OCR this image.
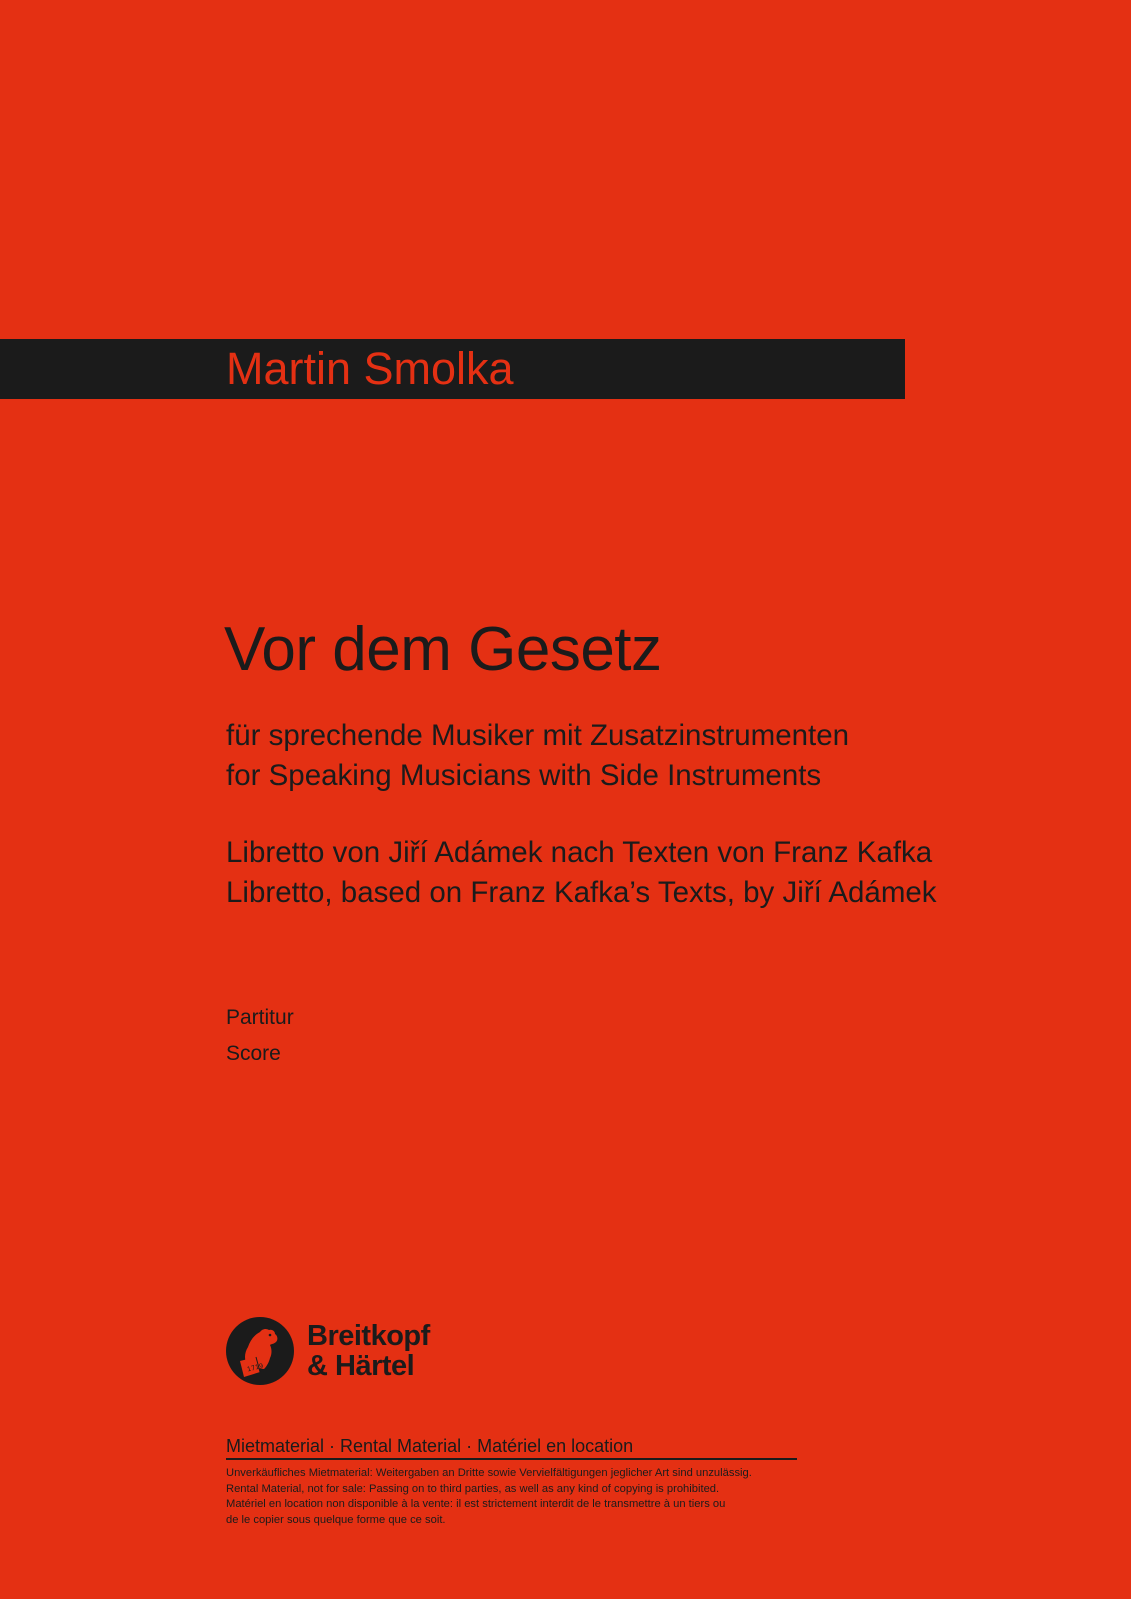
Martin Smolka
Vor dem Gesetz
für sprechende Musiker mit Zusatzinstrumenten
for Speaking Musicians with Side Instruments
Libretto von Jiří Adámek nach Texten von Franz Kafka
Libretto, based on Franz Kafka’s Texts, by Jiří Adámek
Partitur
Score
1719
Breitkopf
& Härtel
Mietmaterial · Rental Material · Matériel en location
Unverkäufliches Mietmaterial: Weitergaben an Dritte sowie Vervielfältigungen jeglicher Art sind unzulässig.
Rental Material, not for sale: Passing on to third parties, as well as any kind of copying is prohibited.
Matériel en location non disponible à la vente: il est strictement interdit de le transmettre à un tiers ou
de le copier sous quelque forme que ce soit.
